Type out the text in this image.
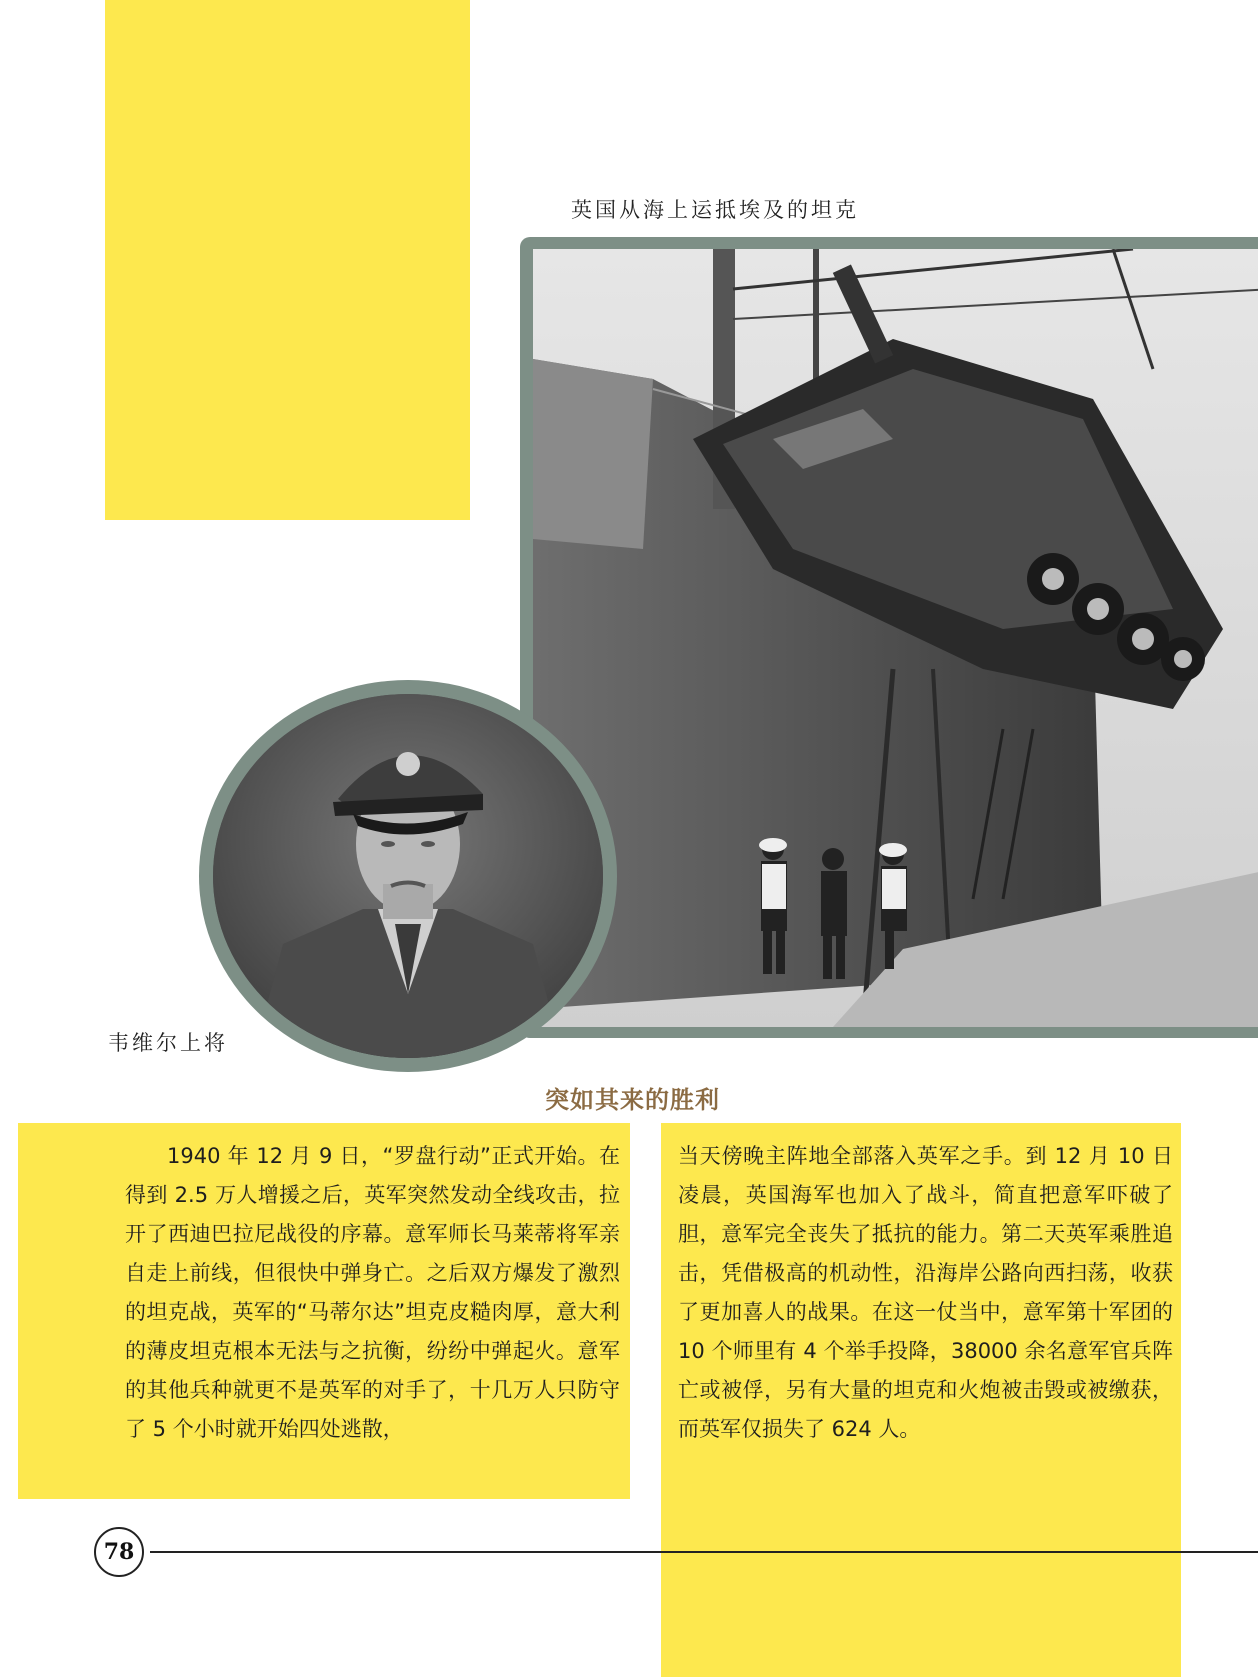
英国从海上运抵埃及的坦克
韦维尔上将
突如其来的胜利

1940 年 12 月 9 日，“罗盘行动”正式开始。在得到 2.5 万人增援之后，英军突然发动全线攻击，拉开了西迪巴拉尼战役的序幕。意军师长马莱蒂将军亲自走上前线，但很快中弹身亡。之后双方爆发了激烈的坦克战，英军的“马蒂尔达”坦克皮糙肉厚，意大利的薄皮坦克根本无法与之抗衡，纷纷中弹起火。意军的其他兵种就更不是英军的对手了，十几万人只防守了 5 个小时就开始四处逃散，

当天傍晚主阵地全部落入英军之手。到 12 月 10 日凌晨，英国海军也加入了战斗，简直把意军吓破了胆，意军完全丧失了抵抗的能力。第二天英军乘胜追击，凭借极高的机动性，沿海岸公路向西扫荡，收获了更加喜人的战果。在这一仗当中，意军第十军团的 10 个师里有 4 个举手投降，38000 余名意军官兵阵亡或被俘，另有大量的坦克和火炮被击毁或被缴获，而英军仅损失了 624 人。

78
